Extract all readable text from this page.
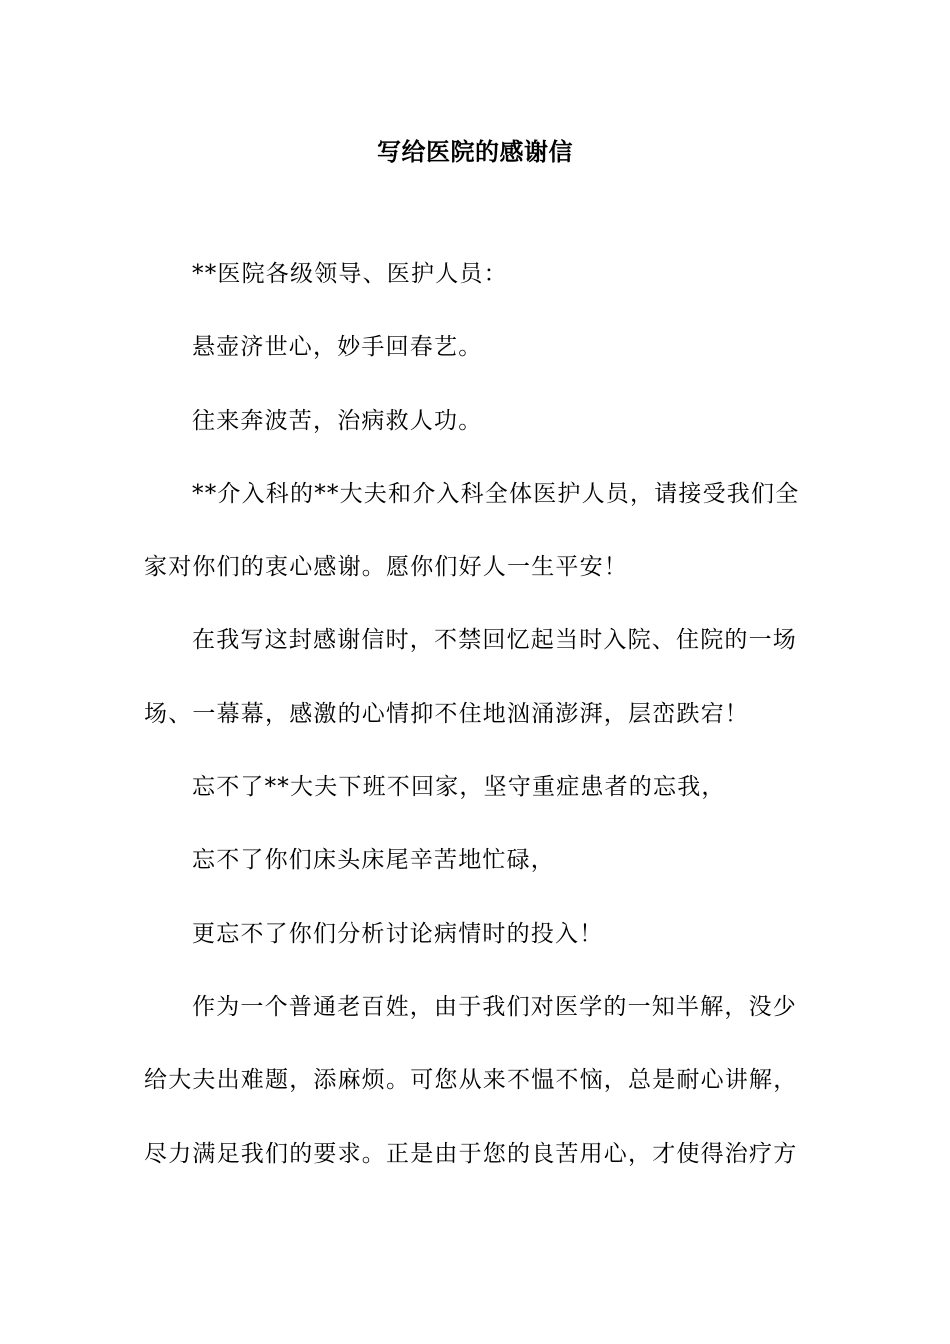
写给医院的感谢信
**医院各级领导、医护人员：
悬壶济世心，妙手回春艺。
往来奔波苦，治病救人功。
**介入科的**大夫和介入科全体医护人员，请接受我们全
家对你们的衷心感谢。愿你们好人一生平安！
在我写这封感谢信时，不禁回忆起当时入院、住院的一场
场、一幕幕，感激的心情抑不住地汹涌澎湃，层峦跌宕！
忘不了**大夫下班不回家，坚守重症患者的忘我，
忘不了你们床头床尾辛苦地忙碌，
更忘不了你们分析讨论病情时的投入！
作为一个普通老百姓，由于我们对医学的一知半解，没少
给大夫出难题，添麻烦。可您从来不愠不恼，总是耐心讲解，
尽力满足我们的要求。正是由于您的良苦用心，才使得治疗方
